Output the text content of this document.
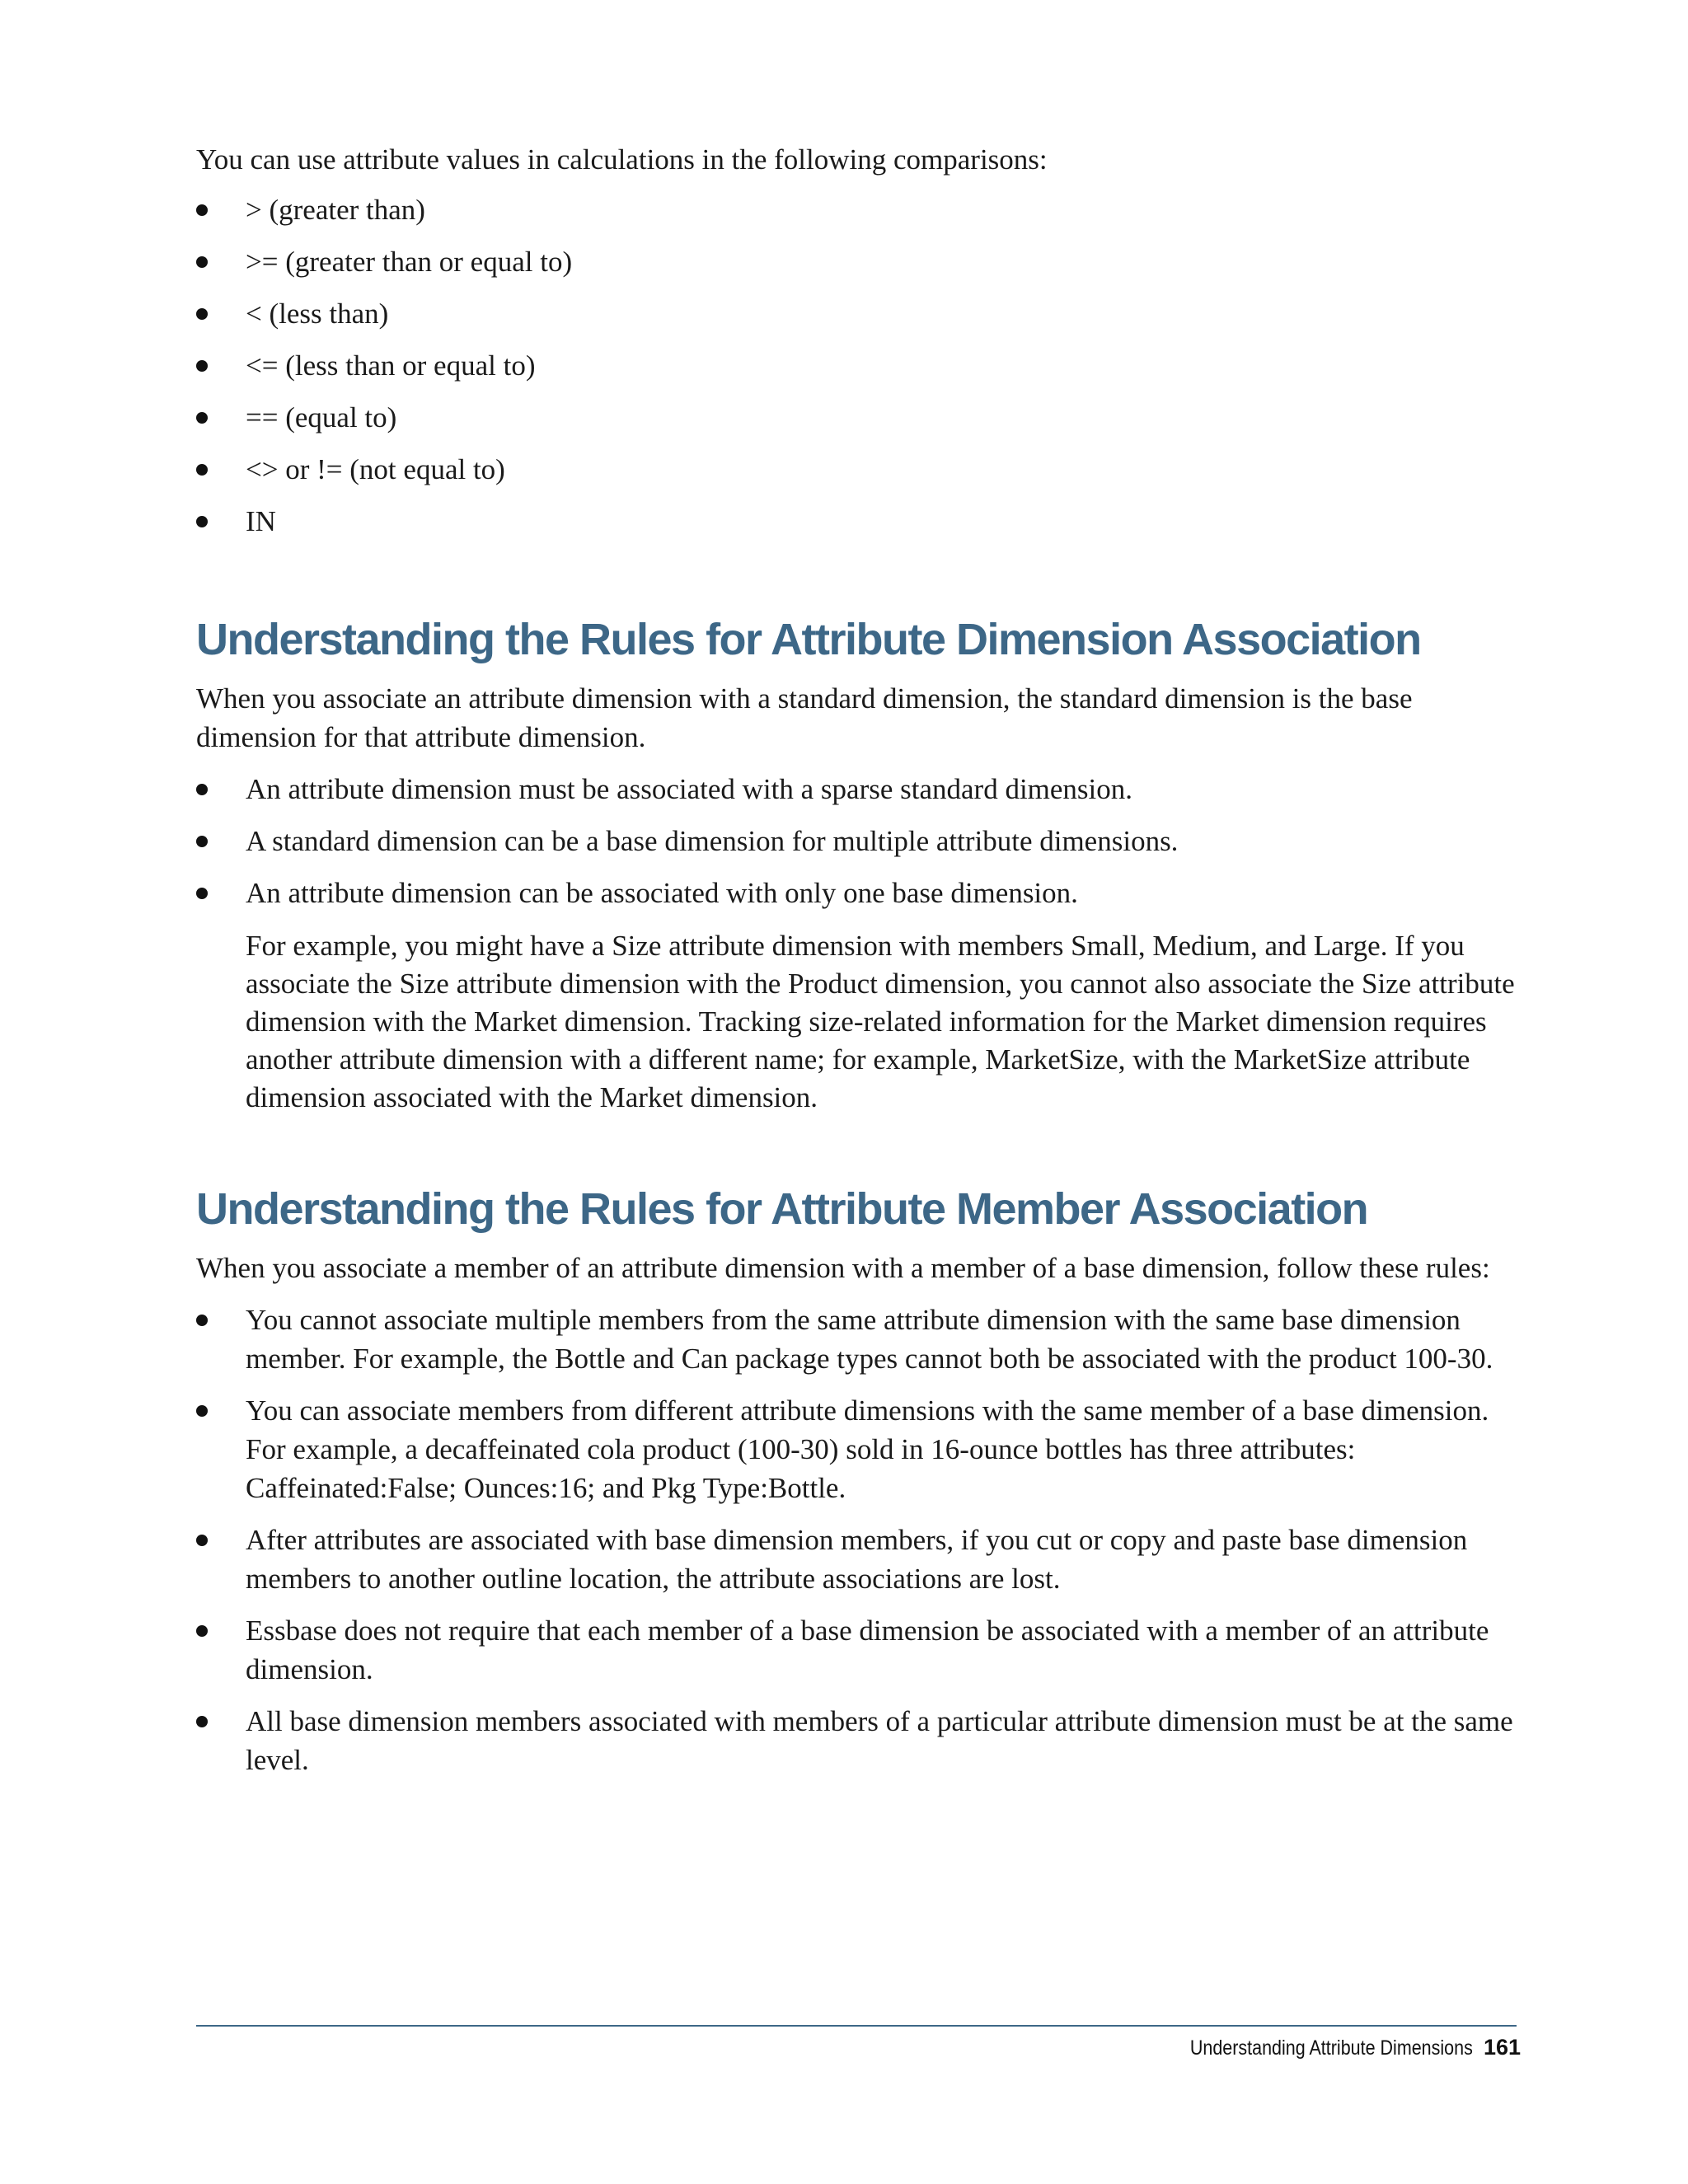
You can use attribute values in calculations in the following comparisons:

> (greater than)
>= (greater than or equal to)
< (less than)
<= (less than or equal to)
== (equal to)
<> or != (not equal to)
IN
Understanding the Rules for Attribute Dimension Association

When you associate an attribute dimension with a standard dimension, the standard dimension is the base dimension for that attribute dimension.

An attribute dimension must be associated with a sparse standard dimension.
A standard dimension can be a base dimension for multiple attribute dimensions.
An attribute dimension can be associated with only one base dimension.

For example, you might have a Size attribute dimension with members Small, Medium, and Large. If you associate the Size attribute dimension with the Product dimension, you cannot also associate the Size attribute dimension with the Market dimension. Tracking size-related information for the Market dimension requires another attribute dimension with a different name; for example, MarketSize, with the MarketSize attribute dimension associated with the Market dimension.

Understanding the Rules for Attribute Member Association

When you associate a member of an attribute dimension with a member of a base dimension, follow these rules:

You cannot associate multiple members from the same attribute dimension with the same base dimension member. For example, the Bottle and Can package types cannot both be associated with the product 100-30.
You can associate members from different attribute dimensions with the same member of a base dimension. For example, a decaffeinated cola product (100-30) sold in 16-ounce bottles has three attributes: Caffeinated:False; Ounces:16; and Pkg Type:Bottle.
After attributes are associated with base dimension members, if you cut or copy and paste base dimension members to another outline location, the attribute associations are lost.
Essbase does not require that each member of a base dimension be associated with a member of an attribute dimension.
All base dimension members associated with members of a particular attribute dimension must be at the same level.
Understanding Attribute Dimensions 161
